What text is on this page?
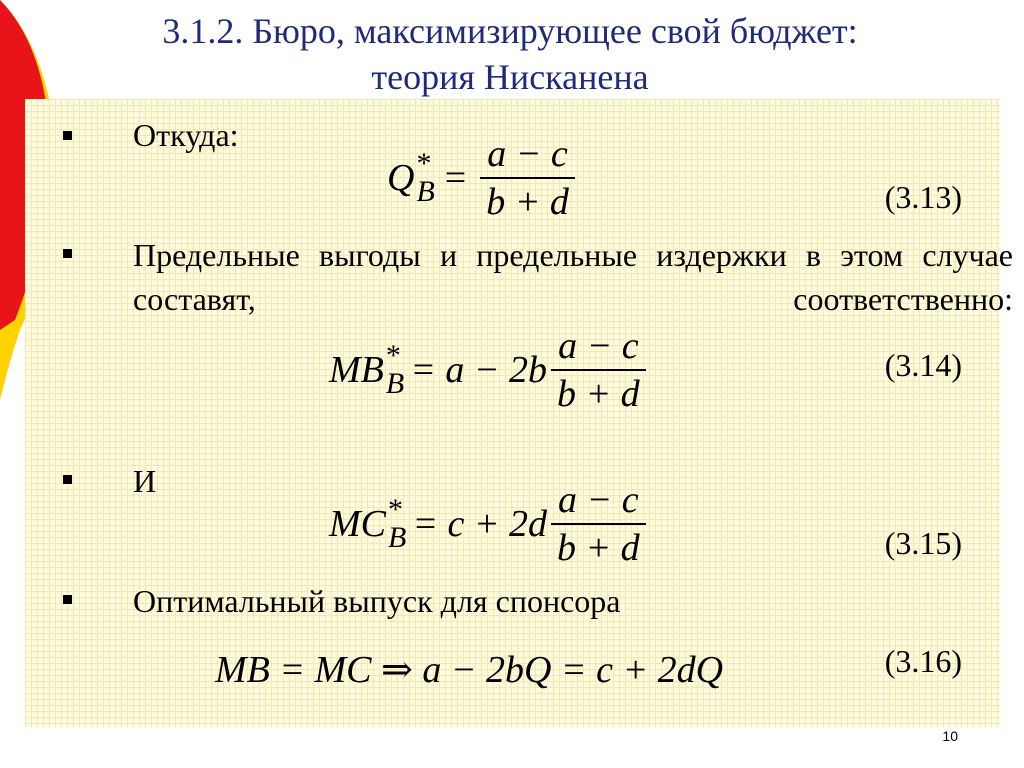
3.1.2. Бюро, максимизирующее свой бюджет:
теория Нисканена
Откуда:
Q *
$B = \frac{a - c}{b + d}$	(3.13)
Предельные выгоды и предельные издержки в этом случае составят, соответственно:
MB *
$B = a - 2b \frac{a - c}{b + d}$	(3.14)
И
MC *
$B = c + 2d \frac{a - c}{b + d}$	(3.15)
Оптимальный выпуск для спонсора
MB = MC ⇒ a − 2bQ = c + 2dQ	(3.16)
10
